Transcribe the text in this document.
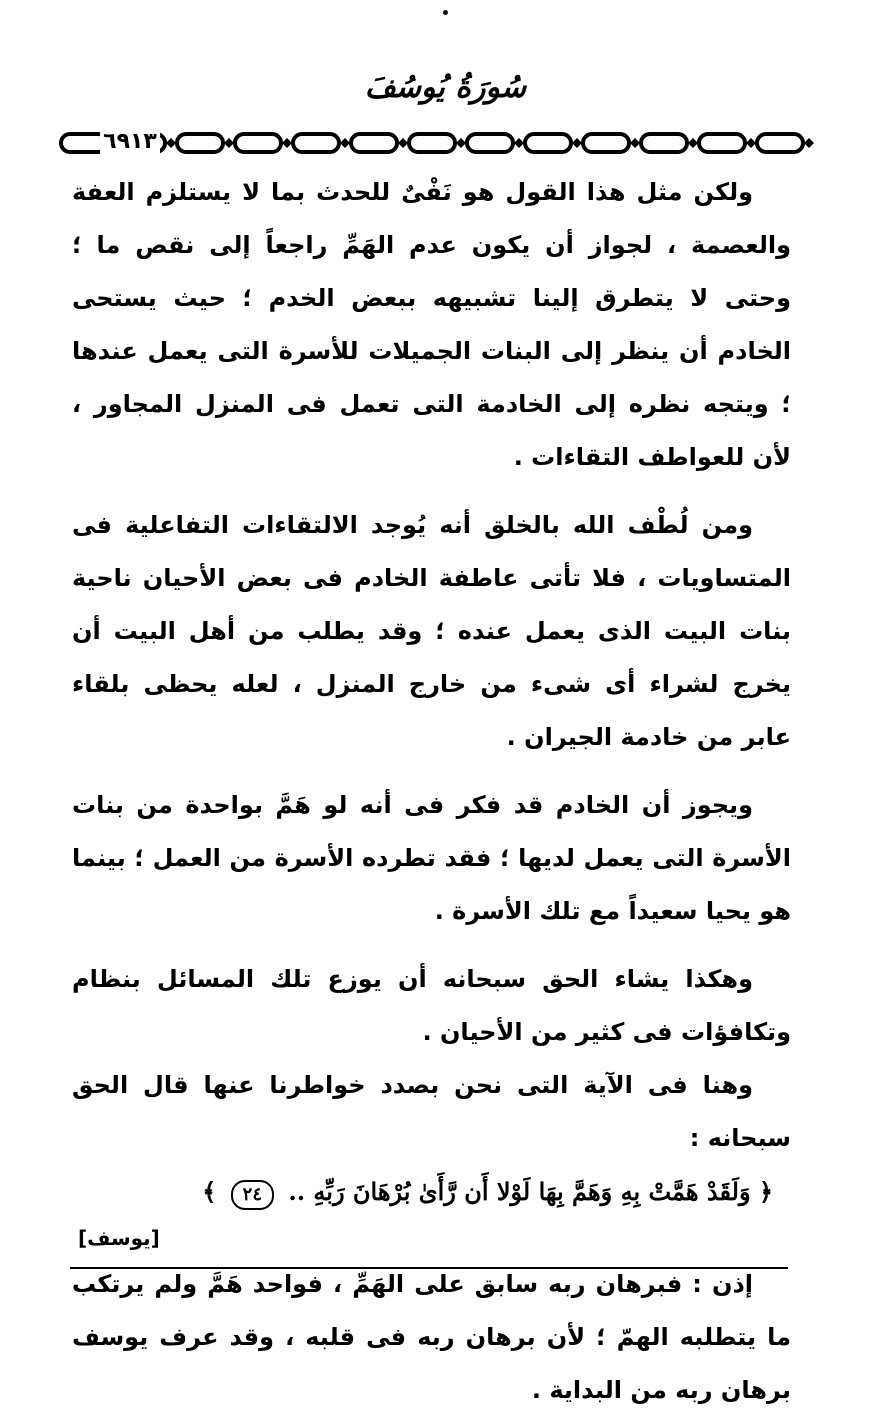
سُورَةُ يُوسُفَ
٦٩١٣

ولكن مثل هذا القول هو نَفْىٌ للحدث بما لا يستلزم العفة والعصمة ، لجواز أن يكون عدم الهَمِّ راجعاً إلى نقص ما ؛ وحتى لا يتطرق إلينا تشبيهه ببعض الخدم ؛ حيث يستحى الخادم أن ينظر إلى البنات الجميلات للأسرة التى يعمل عندها ؛ ويتجه نظره إلى الخادمة التى تعمل فى المنزل المجاور ، لأن للعواطف التقاءات .

ومن لُطْف الله بالخلق أنه يُوجد الالتقاءات التفاعلية فى المتساويات ، فلا تأتى عاطفة الخادم فى بعض الأحيان ناحية بنات البيت الذى يعمل عنده ؛ وقد يطلب من أهل البيت أن يخرج لشراء أى شىء من خارج المنزل ، لعله يحظى بلقاء عابر من خادمة الجيران .

ويجوز أن الخادم قد فكر فى أنه لو هَمَّ بواحدة من بنات الأسرة التى يعمل لديها ؛ فقد تطرده الأسرة من العمل ؛ بينما هو يحيا سعيداً مع تلك الأسرة .

وهكذا يشاء الحق سبحانه أن يوزع تلك المسائل بنظام وتكافؤات فى كثير من الأحيان .

وهنا فى الآية التى نحن بصدد خواطرنا عنها قال الحق سبحانه :

﴿ وَلَقَدْ هَمَّتْ بِهِ وَهَمَّ بِهَا لَوْلا أَن رَّأَىٰ بُرْهَانَ رَبِّهِ .. ٢٤ ﴾

[يوسف]

إذن : فبرهان ربه سابق على الهَمِّ ، فواحد هَمَّ ولم يرتكب ما يتطلبه الهمّ ؛ لأن برهان ربه فى قلبه ، وقد عرف يوسف برهان ربه من البداية .
